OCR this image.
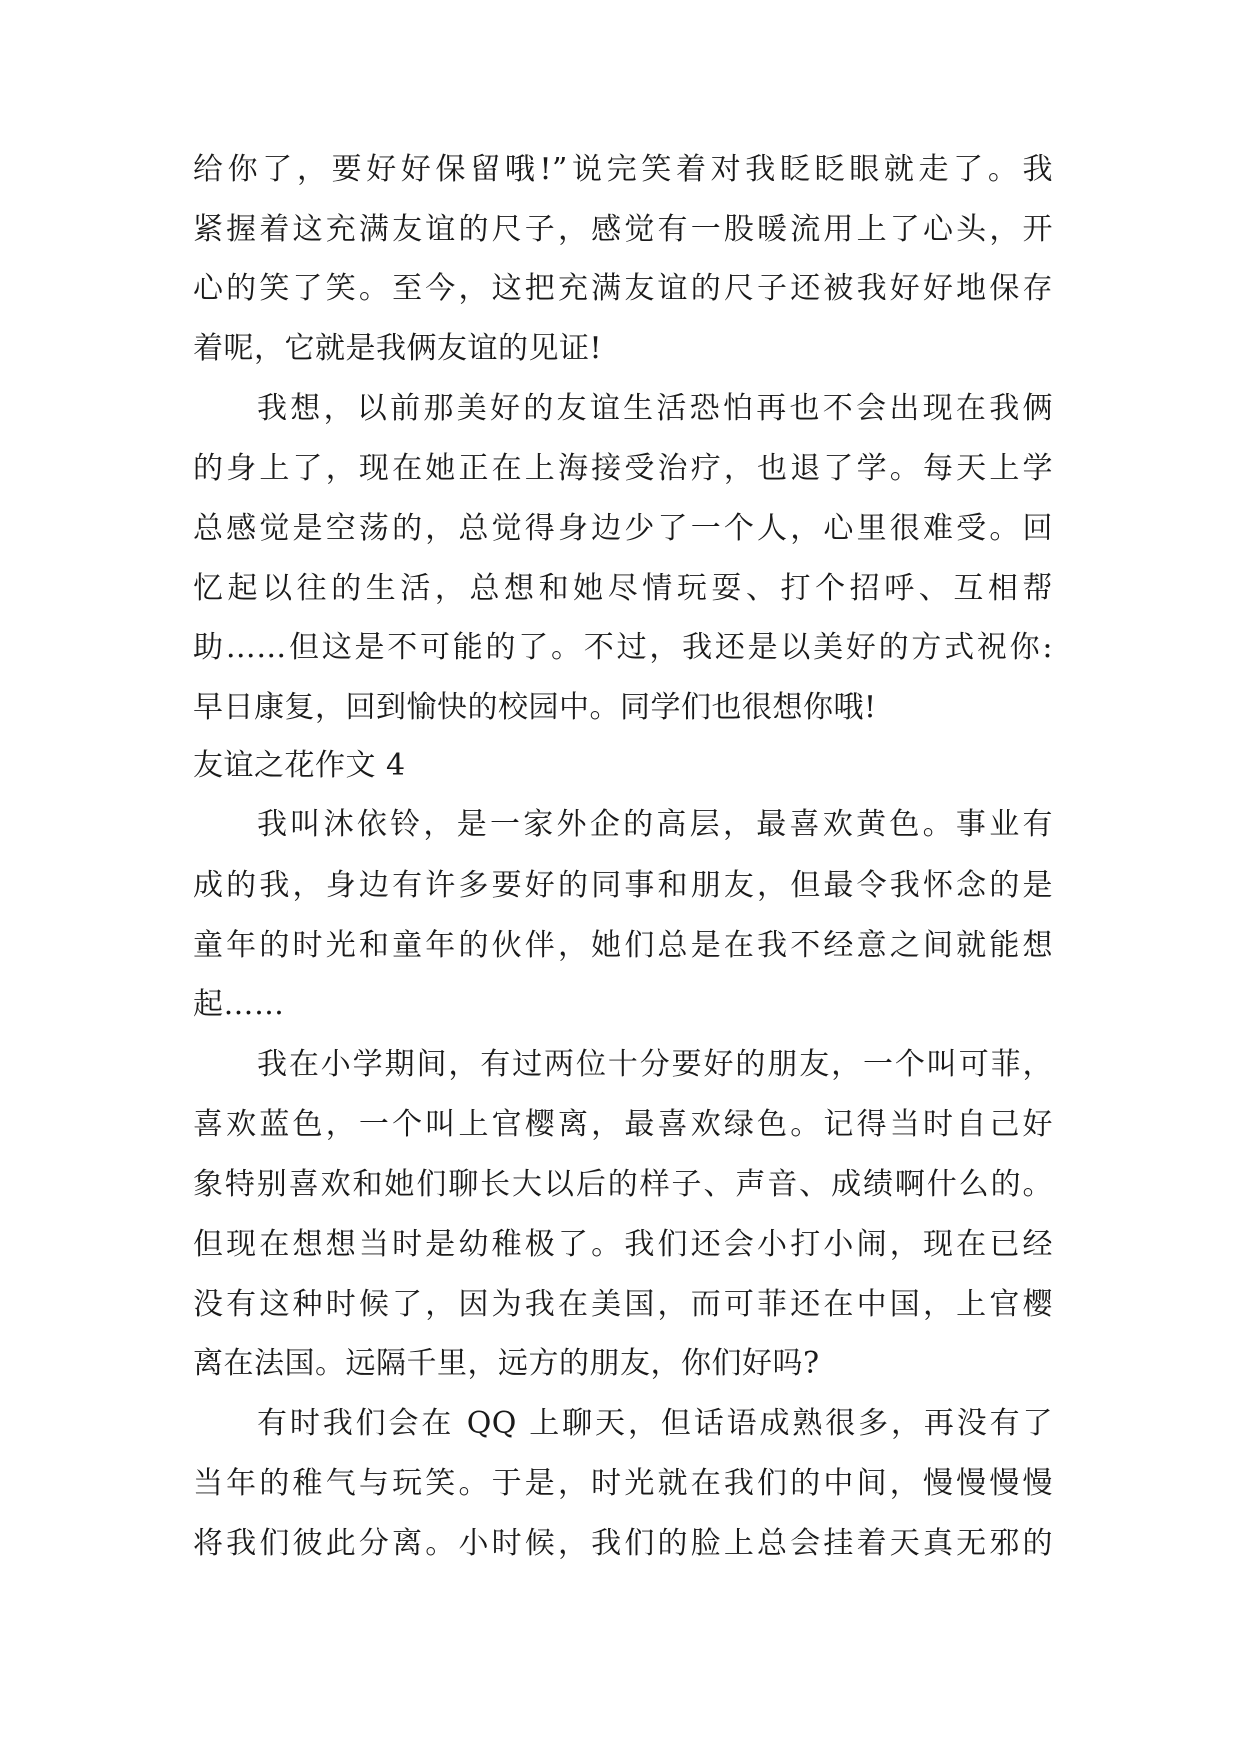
给你了，要好好保留哦!”说完笑着对我眨眨眼就走了。我

紧握着这充满友谊的尺子，感觉有一股暖流用上了心头，开

心的笑了笑。至今，这把充满友谊的尺子还被我好好地保存

着呢，它就是我俩友谊的见证!

我想，以前那美好的友谊生活恐怕再也不会出现在我俩

的身上了，现在她正在上海接受治疗，也退了学。每天上学

总感觉是空荡的，总觉得身边少了一个人，心里很难受。回

忆起以往的生活，总想和她尽情玩耍、打个招呼、互相帮

助……但这是不可能的了。不过，我还是以美好的方式祝你:

早日康复，回到愉快的校园中。同学们也很想你哦!

友谊之花作文 4

我叫沐依铃，是一家外企的高层，最喜欢黄色。事业有

成的我，身边有许多要好的同事和朋友，但最令我怀念的是

童年的时光和童年的伙伴，她们总是在我不经意之间就能想

起……

我在小学期间，有过两位十分要好的朋友，一个叫可菲，

喜欢蓝色，一个叫上官樱离，最喜欢绿色。记得当时自己好

象特别喜欢和她们聊长大以后的样子、声音、成绩啊什么的。

但现在想想当时是幼稚极了。我们还会小打小闹，现在已经

没有这种时候了，因为我在美国，而可菲还在中国，上官樱

离在法国。远隔千里，远方的朋友，你们好吗?

有时我们会在 QQ 上聊天，但话语成熟很多，再没有了

当年的稚气与玩笑。于是，时光就在我们的中间，慢慢慢慢

将我们彼此分离。小时候，我们的脸上总会挂着天真无邪的
